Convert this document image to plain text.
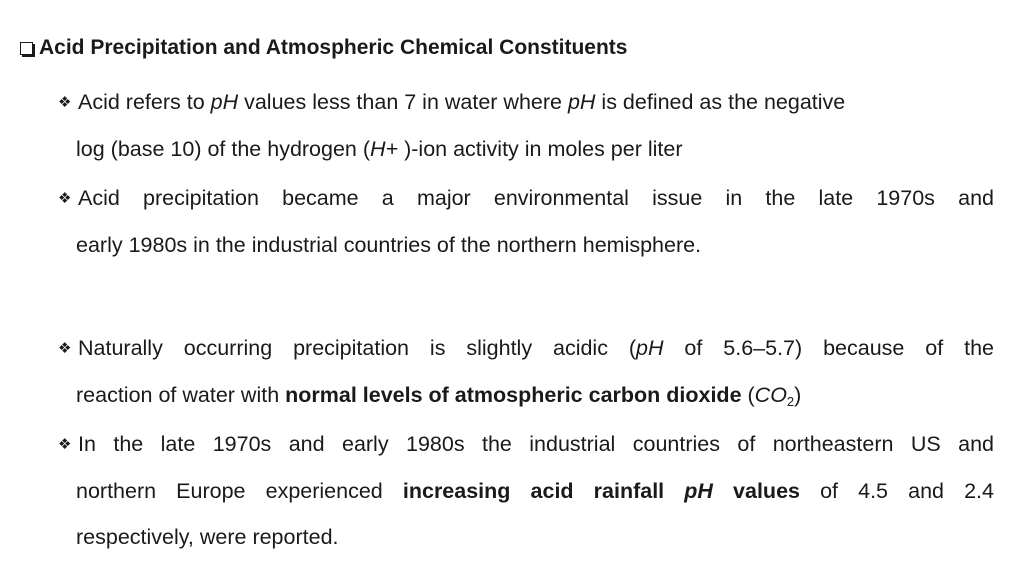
Acid Precipitation and Atmospheric Chemical Constituents
❖ Acid refers to pH values less than 7 in water where pH is defined as the negative
log (base 10) of the hydrogen (H+ )-ion activity in moles per liter
❖ Acid precipitation became a major environmental issue in the late 1970s and
early 1980s in the industrial countries of the northern hemisphere.
❖ Naturally occurring precipitation is slightly acidic (pH of 5.6–5.7) because of the
reaction of water with normal levels of atmospheric carbon dioxide $(CO_2)$
❖ In the late 1970s and early 1980s the industrial countries of northeastern US and
northern Europe experienced increasing acid rainfall pH values of 4.5 and 2.4
respectively, were reported.
